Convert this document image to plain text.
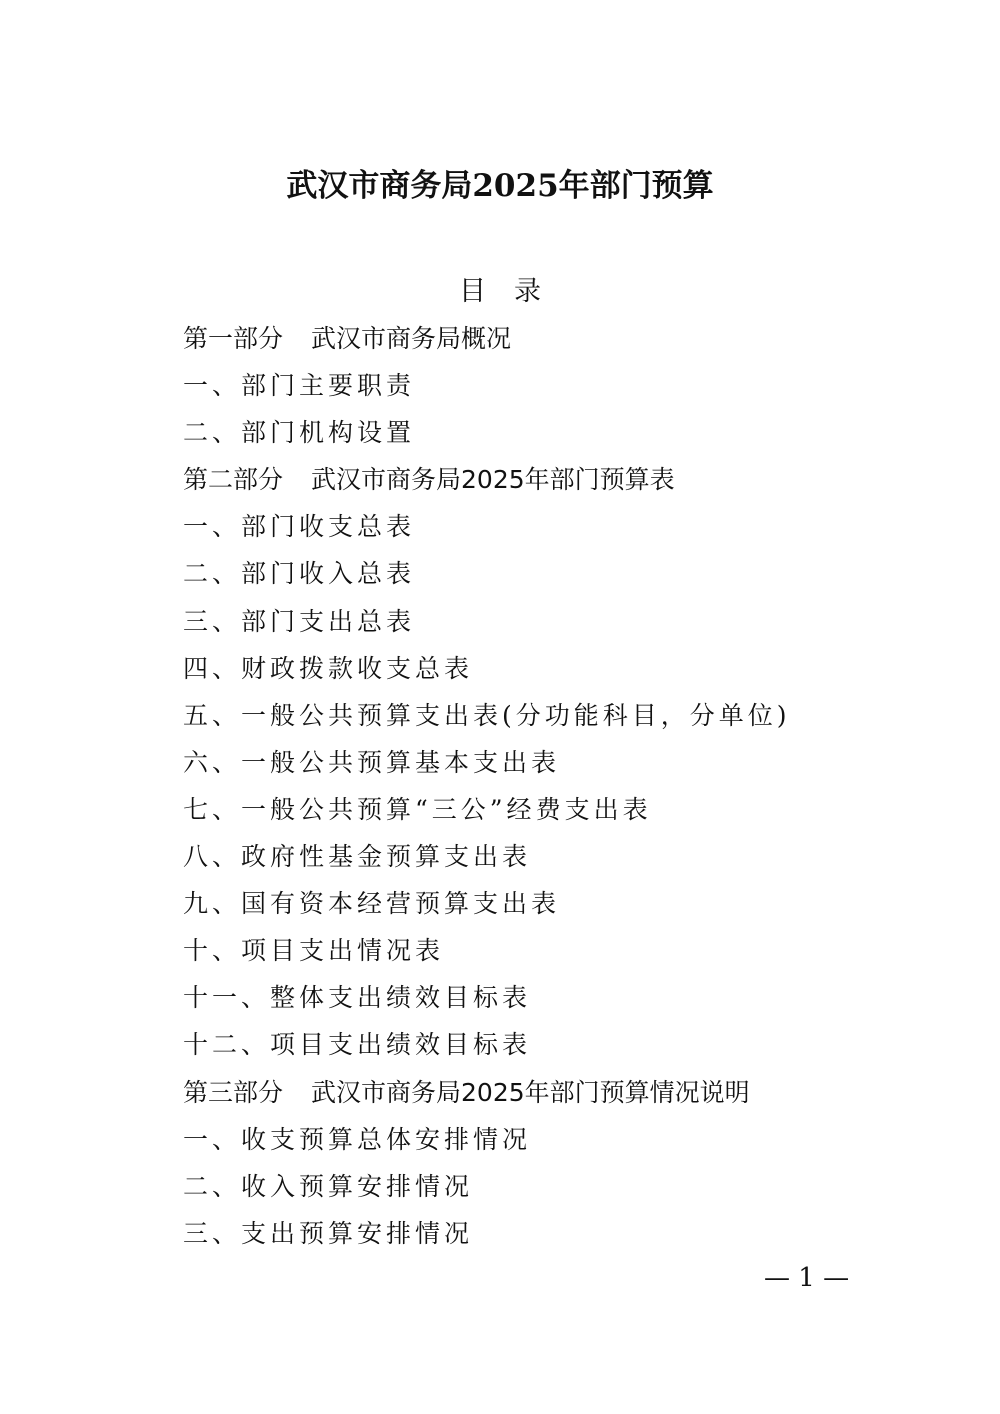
武汉市商务局2025年部门预算
目 录
第一部分 武汉市商务局概况
一、部门主要职责
二、部门机构设置
第二部分 武汉市商务局2025年部门预算表
一、部门收支总表
二、部门收入总表
三、部门支出总表
四、财政拨款收支总表
五、一般公共预算支出表(分功能科目，分单位)
六、一般公共预算基本支出表
七、一般公共预算“三公”经费支出表
八、政府性基金预算支出表
九、国有资本经营预算支出表
十、项目支出情况表
十一、整体支出绩效目标表
十二、项目支出绩效目标表
第三部分 武汉市商务局2025年部门预算情况说明
一、收支预算总体安排情况
二、收入预算安排情况
三、支出预算安排情况
— 1 —
